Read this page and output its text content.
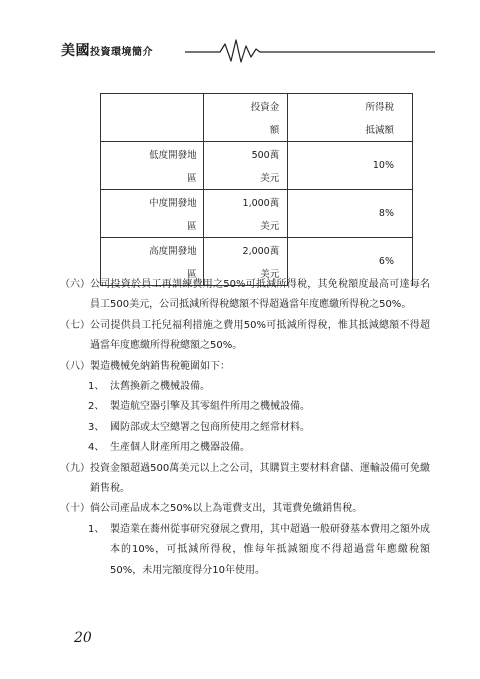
美國投資環境簡介
	投資金	所得稅
	額	抵減額
低度開發地	500萬	10%
區	美元	
中度開發地	1,000萬	8%
區	美元	
高度開發地	2,000萬	6%
區	美元	
（六） 公司投資於員工再訓練費用之50%可抵減所得稅，其免稅額度最高可達每名員工500美元，公司抵減所得稅總額不得超過當年度應繳所得稅之50%。
（七） 公司提供員工托兒福利措施之費用50%可抵減所得稅，惟其抵減總額不得超過當年度應繳所得稅總額之50%。
（八） 製造機械免納銷售稅範圍如下：
1、 汰舊換新之機械設備。
2、 製造航空器引擎及其零組件所用之機械設備。
3、 國防部或太空總署之包商所使用之經常材料。
4、 生產個人財產所用之機器設備。
（九） 投資金額超過500萬美元以上之公司，其購買主要材料倉儲、運輸設備可免繳銷售稅。
（十） 倘公司產品成本之50%以上為電費支出，其電費免繳銷售稅。
1、 製造業在蕎州從事研究發展之費用，其中超過一般研發基本費用之額外成本的10%，可抵減所得稅，惟每年抵減額度不得超過當年應繳稅額50%，未用完額度得分10年使用。
20
